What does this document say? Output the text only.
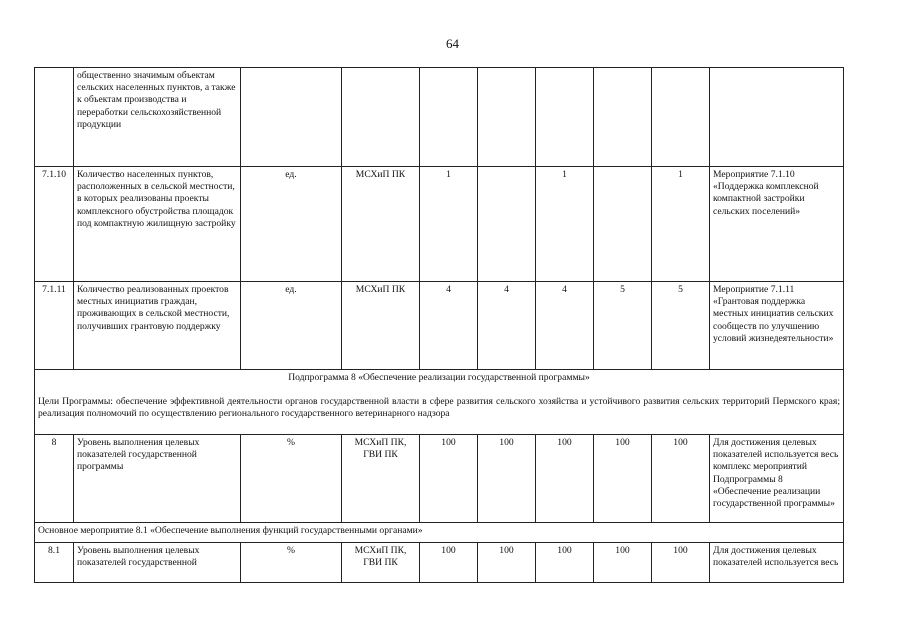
64
	общественно значимым объектам сельских населенных пунктов, а также к объектам производства и переработки сельскохозяйственной продукции								
7.1.10	Количество населенных пунктов, расположенных в сельской местности, в которых реализованы проекты комплексного обустройства площадок под компактную жилищную застройку	ед.	МСХиП ПК	1		1		1	Мероприятие 7.1.10 «Поддержка комплексной компактной застройки сельских поселений»
7.1.11	Количество реализованных проектов местных инициатив граждан, проживающих в сельской местности, получивших грантовую поддержку	ед.	МСХиП ПК	4	4	4	5	5	Мероприятие 7.1.11 «Грантовая поддержка местных инициатив сельских сообществ по улучшению условий жизнедеятельности»
Подпрограмма 8 «Обеспечение реализации государственной программы»
Цели Программы: обеспечение эффективной деятельности органов государственной власти в сфере развития сельского хозяйства и устойчивого развития сельских территорий Пермского края; реализация полномочий по осуществлению регионального государственного ветеринарного надзора									

8	Уровень выполнения целевых показателей государственной программы	%	МСХиП ПК, ГВИ ПК	100	100	100	100	100	Для достижения целевых показателей используется весь комплекс мероприятий Подпрограммы 8 «Обеспечение реализации государственной программы»
Основное мероприятие 8.1 «Обеспечение выполнения функций государственными органами»									
8.1	Уровень выполнения целевых показателей государственной	%	МСХиП ПК, ГВИ ПК	100	100	100	100	100	Для достижения целевых показателей используется весь
